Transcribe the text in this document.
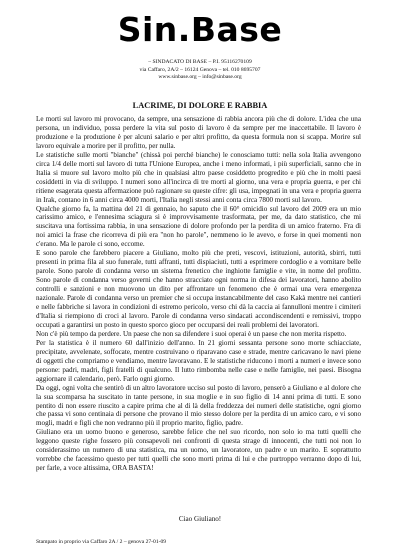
Sin.Base
– SINDACATO DI BASE – P.I. 95116270109
via Caffaro, 2A/2 – 16124 Genova – tel. 010 8695707
www.sinbase.org – info@sinbase.org
LACRIME, DI DOLORE E RABBIA

Le morti sul lavoro mi provocano, da sempre, una sensazione di rabbia ancora più che di dolore. L'idea che una persona, un individuo, possa perdere la vita sul posto di lavoro è da sempre per me inaccettabile. Il lavoro è produzione e la produzione è per alcuni salario e per altri profitto, da questa formula non si scappa. Morire sul lavoro equivale a morire per il profitto, per nulla.

Le statistiche sulle morti "bianche" (chissà poi perché bianche) le conosciamo tutti: nella sola Italia avvengono circa 1/4 delle morti sul lavoro di tutta l'Unione Europea, anche i meno informati, i più superficiali, sanno che in Italia si muore sul lavoro molto più che in qualsiasi altro paese cosiddetto progredito e più che in molti paesi cosiddetti in via di sviluppo. I numeri sono all'incirca di tre morti al giorno, una vera e propria guerra, e per chi ritiene esagerata questa affermazione può ragionare su queste cifre: gli usa, impegnati in una vera e propria guerra in Irak, contano in 6 anni circa 4000 morti, l'Italia negli stessi anni conta circa 7800 morti sul lavoro.

Qualche giorno fa, la mattina del 21 di gennaio, ho saputo che il 60° omicidio sul lavoro del 2009 era un mio carissimo amico, e l'ennesima sciagura si è improvvisamente trasformata, per me, da dato statistico, che mi suscitava una fortissima rabbia, in una sensazione di dolore profondo per la perdita di un amico fraterno. Fra di noi amici la frase che ricorreva di più era "non ho parole", nemmeno io le avevo, e forse in quei momenti non c'erano. Ma le parole ci sono, eccome.

E sono parole che farebbero piacere a Giuliano, molto più che preti, vescovi, istituzioni, autorità, sbirri, tutti presenti in prima fila al suo funerale, tutti affranti, tutti dispiaciuti, tutti a esprimere cordoglio e a vomitare belle parole. Sono parole di condanna verso un sistema frenetico che inghiotte famiglie e vite, in nome del profitto. Sono parole di condanna verso governi che hanno stracciato ogni norma in difesa dei lavoratori, hanno abolito controlli e sanzioni e non muovono un dito per affrontare un fenomeno che è ormai una vera emergenza nazionale. Parole di condanna verso un premier che si occupa instancabilmente del caso Kakà mentre nei cantieri e nelle fabbriche si lavora in condizioni di estremo pericolo, verso chi dà la caccia ai fannulloni mentre i cimiteri d'Italia si riempiono di croci al lavoro. Parole di condanna verso sindacati accondiscendenti e remissivi, troppo occupati a garantirsi un posto in questo sporco gioco per occuparsi dei reali problemi dei lavoratori.

Non c'è più tempo da perdere. Un paese che non sa difendere i suoi operai è un paese che non merita rispetto.

Per la statistica è il numero 60 dall'inizio dell'anno. In 21 giorni sessanta persone sono morte schiacciate, precipitate, avvelenate, soffocate, mentre costruivano o riparavano case e strade, mentre caricavano le navi piene di oggetti che compriamo e vendiamo, mentre lavoravano. E le statistiche riducono i morti a numeri e invece sono persone: padri, madri, figli fratelli di qualcuno. Il lutto rimbomba nelle case e nelle famiglie, nei paesi. Bisogna aggiornare il calendario, però. Farlo ogni giorno.

Da oggi, ogni volta che sentirò di un altro lavoratore ucciso sul posto di lavoro, penserò a Giuliano e al dolore che la sua scomparsa ha suscitato in tante persone, in sua moglie e in suo figlio di 14 anni prima di tutti. E sono pentito di non essere riuscito a capire prima che al di là della freddezza dei numeri delle statistiche, ogni giorno che passa vi sono centinaia di persone che provano il mio stesso dolore per la perdita di un amico caro, e vi sono mogli, madri e figli che non vedranno più il proprio marito, figlio, padre.

Giuliano era un uomo buono e generoso, sarebbe felice che nel suo ricordo, non solo io ma tutti quelli che leggono queste righe fossero più consapevoli nei confronti di questa strage di innocenti, che tutti noi non lo considerassimo un numero di una statistica, ma un uomo, un lavoratore, un padre e un marito. E soprattutto vorrebbe che facessimo questo per tutti quelli che sono morti prima di lui e che purtroppo verranno dopo di lui, per farle, a voce altissima, ORA BASTA!

Ciao Giuliano!
Stampato in proprio via Caffaro 2A / 2 – genova 27-01-09
